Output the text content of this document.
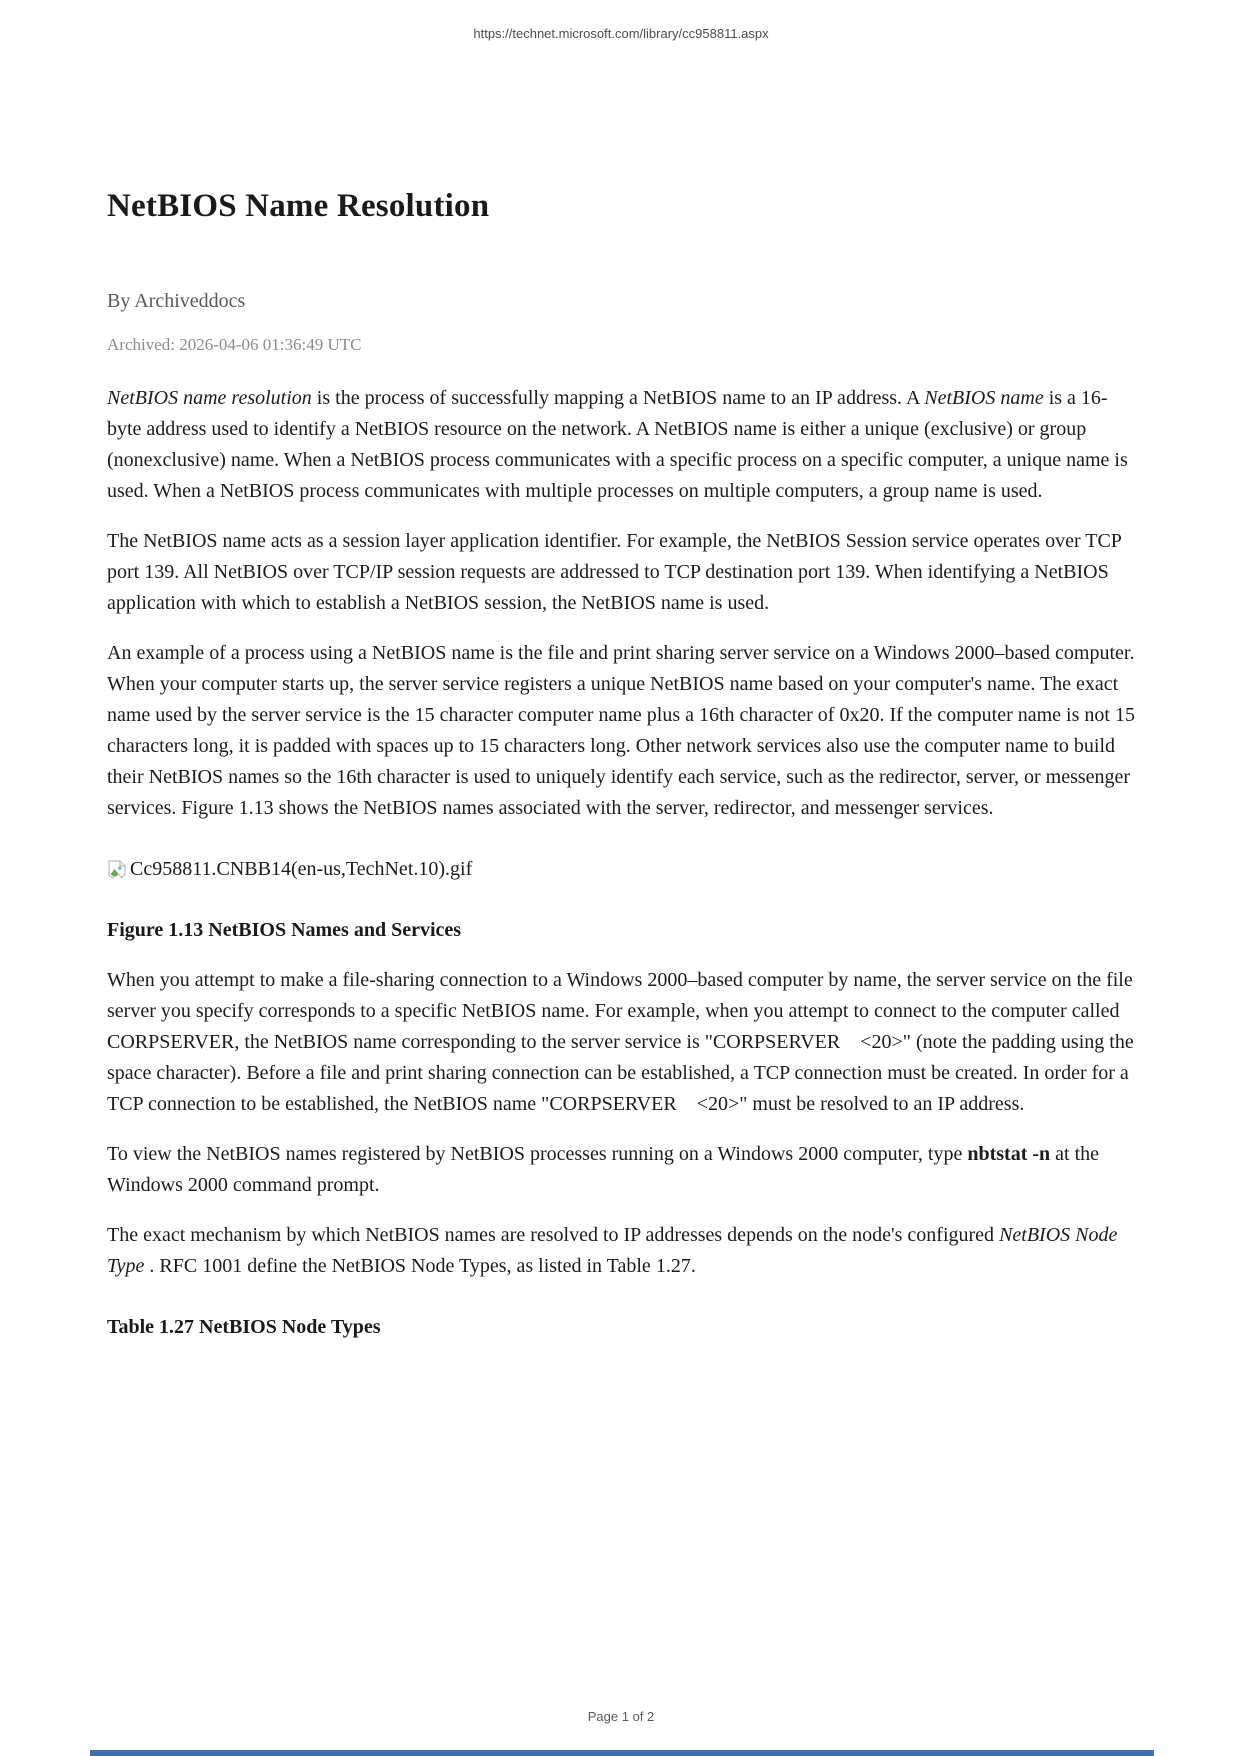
https://technet.microsoft.com/library/cc958811.aspx
NetBIOS Name Resolution
By Archiveddocs
Archived: 2026-04-06 01:36:49 UTC

NetBIOS name resolution is the process of successfully mapping a NetBIOS name to an IP address. A NetBIOS name is a 16-byte address used to identify a NetBIOS resource on the network. A NetBIOS name is either a unique (exclusive) or group (nonexclusive) name. When a NetBIOS process communicates with a specific process on a specific computer, a unique name is used. When a NetBIOS process communicates with multiple processes on multiple computers, a group name is used.

The NetBIOS name acts as a session layer application identifier. For example, the NetBIOS Session service operates over TCP port 139. All NetBIOS over TCP/IP session requests are addressed to TCP destination port 139. When identifying a NetBIOS application with which to establish a NetBIOS session, the NetBIOS name is used.

An example of a process using a NetBIOS name is the file and print sharing server service on a Windows 2000–based computer. When your computer starts up, the server service registers a unique NetBIOS name based on your computer's name. The exact name used by the server service is the 15 character computer name plus a 16th character of 0x20. If the computer name is not 15 characters long, it is padded with spaces up to 15 characters long. Other network services also use the computer name to build their NetBIOS names so the 16th character is used to uniquely identify each service, such as the redirector, server, or messenger services. Figure 1.13 shows the NetBIOS names associated with the server, redirector, and messenger services.

Cc958811.CNBB14(en-us,TechNet.10).gif
Figure 1.13 NetBIOS Names and Services

When you attempt to make a file-sharing connection to a Windows 2000–based computer by name, the server service on the file server you specify corresponds to a specific NetBIOS name. For example, when you attempt to connect to the computer called CORPSERVER, the NetBIOS name corresponding to the server service is "CORPSERVER    <20>" (note the padding using the space character). Before a file and print sharing connection can be established, a TCP connection must be created. In order for a TCP connection to be established, the NetBIOS name "CORPSERVER    <20>" must be resolved to an IP address.

To view the NetBIOS names registered by NetBIOS processes running on a Windows 2000 computer, type nbtstat -n at the Windows 2000 command prompt.

The exact mechanism by which NetBIOS names are resolved to IP addresses depends on the node's configured NetBIOS Node Type . RFC 1001 define the NetBIOS Node Types, as listed in Table 1.27.

Table 1.27 NetBIOS Node Types
Page 1 of 2
